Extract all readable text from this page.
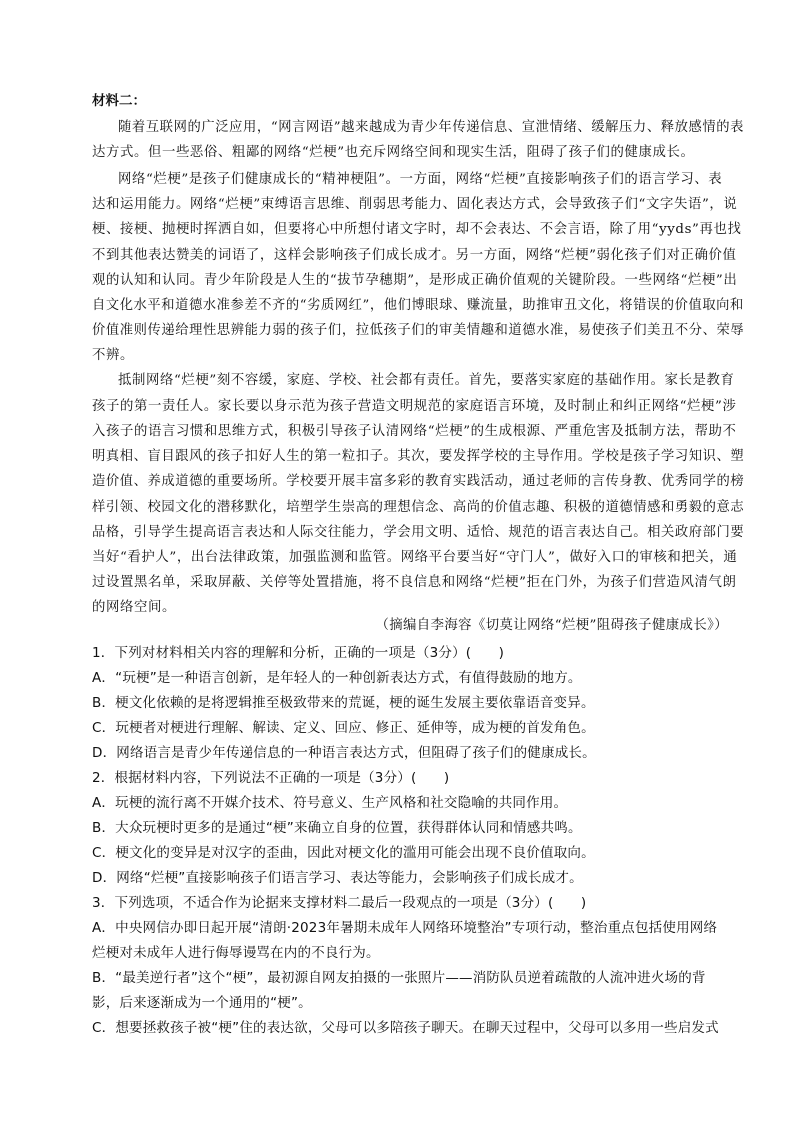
材料二：
随着互联网的广泛应用，“网言网语”越来越成为青少年传递信息、宣泄情绪、缓解压力、释放感情的表
达方式。但一些恶俗、粗鄙的网络“烂梗”也充斥网络空间和现实生活，阻碍了孩子们的健康成长。
网络“烂梗”是孩子们健康成长的“精神梗阻”。一方面，网络“烂梗”直接影响孩子们的语言学习、表
达和运用能力。网络“烂梗”束缚语言思维、削弱思考能力、固化表达方式，会导致孩子们“文字失语”，说
梗、接梗、抛梗时挥洒自如，但要将心中所想付诸文字时，却不会表达、不会言语，除了用“yyds”再也找
不到其他表达赞美的词语了，这样会影响孩子们成长成才。另一方面，网络“烂梗”弱化孩子们对正确价值
观的认知和认同。青少年阶段是人生的“拔节孕穗期”，是形成正确价值观的关键阶段。一些网络“烂梗”出
自文化水平和道德水准参差不齐的“劣质网红”，他们博眼球、赚流量，助推审丑文化，将错误的价值取向和
价值准则传递给理性思辨能力弱的孩子们，拉低孩子们的审美情趣和道德水准，易使孩子们美丑不分、荣辱
不辨。
抵制网络“烂梗”刻不容缓，家庭、学校、社会都有责任。首先，要落实家庭的基础作用。家长是教育
孩子的第一责任人。家长要以身示范为孩子营造文明规范的家庭语言环境，及时制止和纠正网络“烂梗”涉
入孩子的语言习惯和思维方式，积极引导孩子认清网络“烂梗”的生成根源、严重危害及抵制方法，帮助不
明真相、盲目跟风的孩子扣好人生的第一粒扣子。其次，要发挥学校的主导作用。学校是孩子学习知识、塑
造价值、养成道德的重要场所。学校要开展丰富多彩的教育实践活动，通过老师的言传身教、优秀同学的榜
样引领、校园文化的潜移默化，培塑学生崇高的理想信念、高尚的价值志趣、积极的道德情感和勇毅的意志
品格，引导学生提高语言表达和人际交往能力，学会用文明、适恰、规范的语言表达自己。相关政府部门要
当好“看护人”，出台法律政策，加强监测和监管。网络平台要当好“守门人”，做好入口的审核和把关，通
过设置黑名单，采取屏蔽、关停等处置措施，将不良信息和网络“烂梗”拒在门外，为孩子们营造风清气朗
的网络空间。
（摘编自李海容《切莫让网络“烂梗”阻碍孩子健康成长》）
1．下列对材料相关内容的理解和分析，正确的一项是（3分）(　　)
A．“玩梗”是一种语言创新，是年轻人的一种创新表达方式，有值得鼓励的地方。
B．梗文化依赖的是将逻辑推至极致带来的荒诞，梗的诞生发展主要依靠语音变异。
C．玩梗者对梗进行理解、解读、定义、回应、修正、延伸等，成为梗的首发角色。
D．网络语言是青少年传递信息的一种语言表达方式，但阻碍了孩子们的健康成长。
2．根据材料内容，下列说法不正确的一项是（3分）(　　)
A．玩梗的流行离不开媒介技术、符号意义、生产风格和社交隐喻的共同作用。
B．大众玩梗时更多的是通过“梗”来确立自身的位置，获得群体认同和情感共鸣。
C．梗文化的变异是对汉字的歪曲，因此对梗文化的滥用可能会出现不良价值取向。
D．网络“烂梗”直接影响孩子们语言学习、表达等能力，会影响孩子们成长成才。
3．下列选项，不适合作为论据来支撑材料二最后一段观点的一项是（3分）(　　)
A．中央网信办即日起开展“清朗·2023年暑期未成年人网络环境整治”专项行动，整治重点包括使用网络
烂梗对未成年人进行侮辱谩骂在内的不良行为。
B．“最美逆行者”这个“梗”，最初源自网友拍摄的一张照片——消防队员逆着疏散的人流冲进火场的背
影，后来逐渐成为一个通用的“梗”。
C．想要拯救孩子被“梗”住的表达欲，父母可以多陪孩子聊天。在聊天过程中，父母可以多用一些启发式
